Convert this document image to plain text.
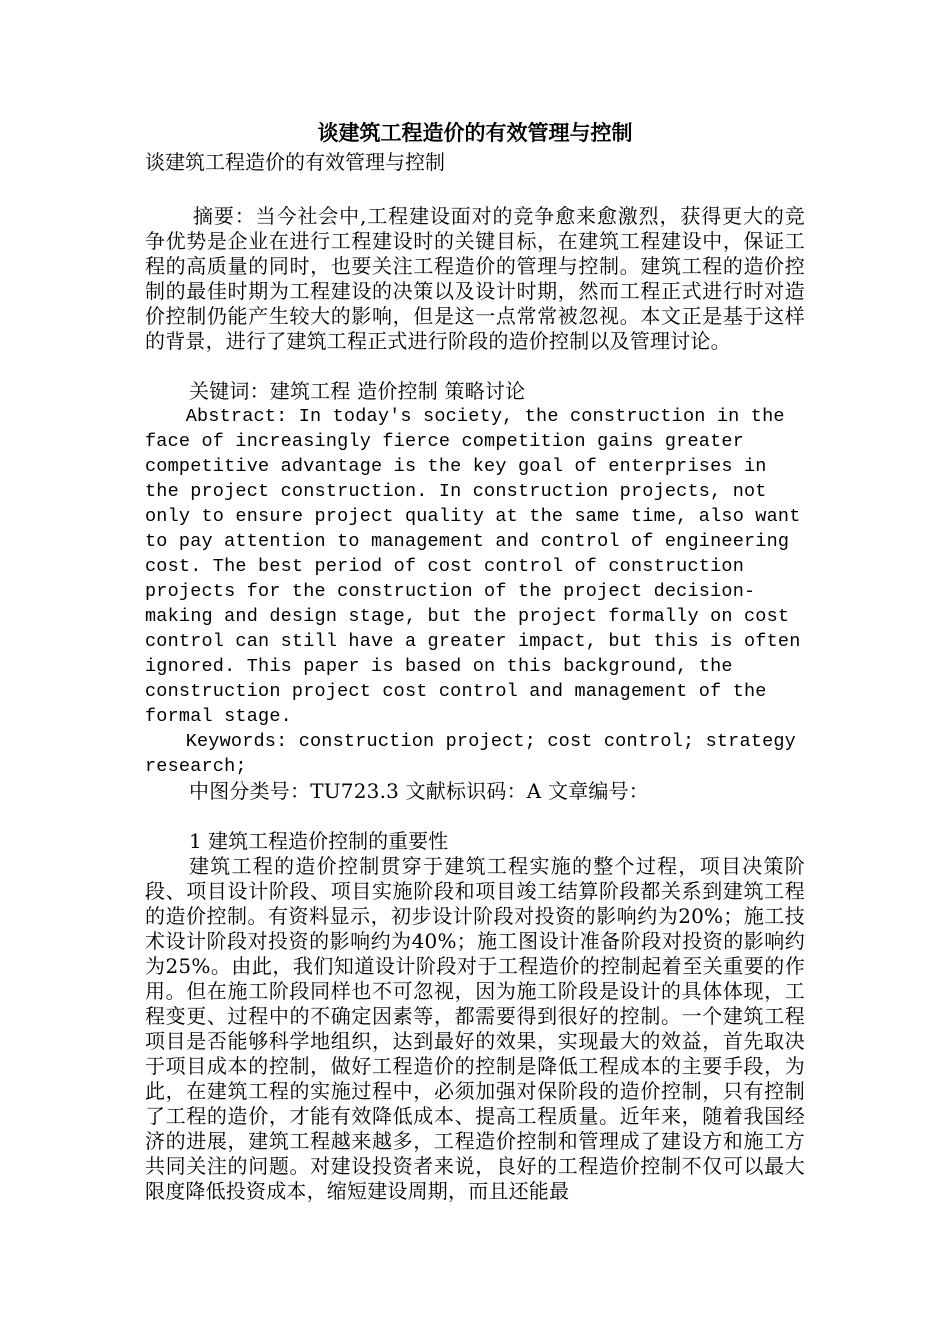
谈建筑工程造价的有效管理与控制

谈建筑工程造价的有效管理与控制

摘要：当今社会中,工程建设面对的竞争愈来愈激烈，获得更大的竞争优势是企业在进行工程建设时的关键目标，在建筑工程建设中，保证工程的高质量的同时，也要关注工程造价的管理与控制。建筑工程的造价控制的最佳时期为工程建设的决策以及设计时期，然而工程正式进行时对造价控制仍能产生较大的影响，但是这一点常常被忽视。本文正是基于这样的背景，进行了建筑工程正式进行阶段的造价控制以及管理讨论。

关键词：建筑工程 造价控制 策略讨论

Abstract: In today's society, the construction in the face of increasingly fierce competition gains greater competitive advantage is the key goal of enterprises in the project construction. In construction projects, not only to ensure project quality at the same time, also want to pay attention to management and control of engineering cost. The best period of cost control of construction projects for the construction of the project decision-making and design stage, but the project formally on cost control can still have a greater impact, but this is often ignored. This paper is based on this background, the construction project cost control and management of the formal stage.

Keywords: construction project; cost control; strategy research;

中图分类号：TU723.3 文献标识码：A 文章编号：

1 建筑工程造价控制的重要性

建筑工程的造价控制贯穿于建筑工程实施的整个过程，项目决策阶段、项目设计阶段、项目实施阶段和项目竣工结算阶段都关系到建筑工程的造价控制。有资料显示，初步设计阶段对投资的影响约为20%；施工技术设计阶段对投资的影响约为40%；施工图设计准备阶段对投资的影响约为25%。由此，我们知道设计阶段对于工程造价的控制起着至关重要的作用。但在施工阶段同样也不可忽视，因为施工阶段是设计的具体体现，工程变更、过程中的不确定因素等，都需要得到很好的控制。一个建筑工程项目是否能够科学地组织，达到最好的效果，实现最大的效益，首先取决于项目成本的控制，做好工程造价的控制是降低工程成本的主要手段，为此，在建筑工程的实施过程中，必须加强对保阶段的造价控制，只有控制了工程的造价，才能有效降低成本、提高工程质量。近年来，随着我国经济的进展，建筑工程越来越多，工程造价控制和管理成了建设方和施工方共同关注的问题。对建设投资者来说，良好的工程造价控制不仅可以最大限度降低投资成本，缩短建设周期，而且还能最
